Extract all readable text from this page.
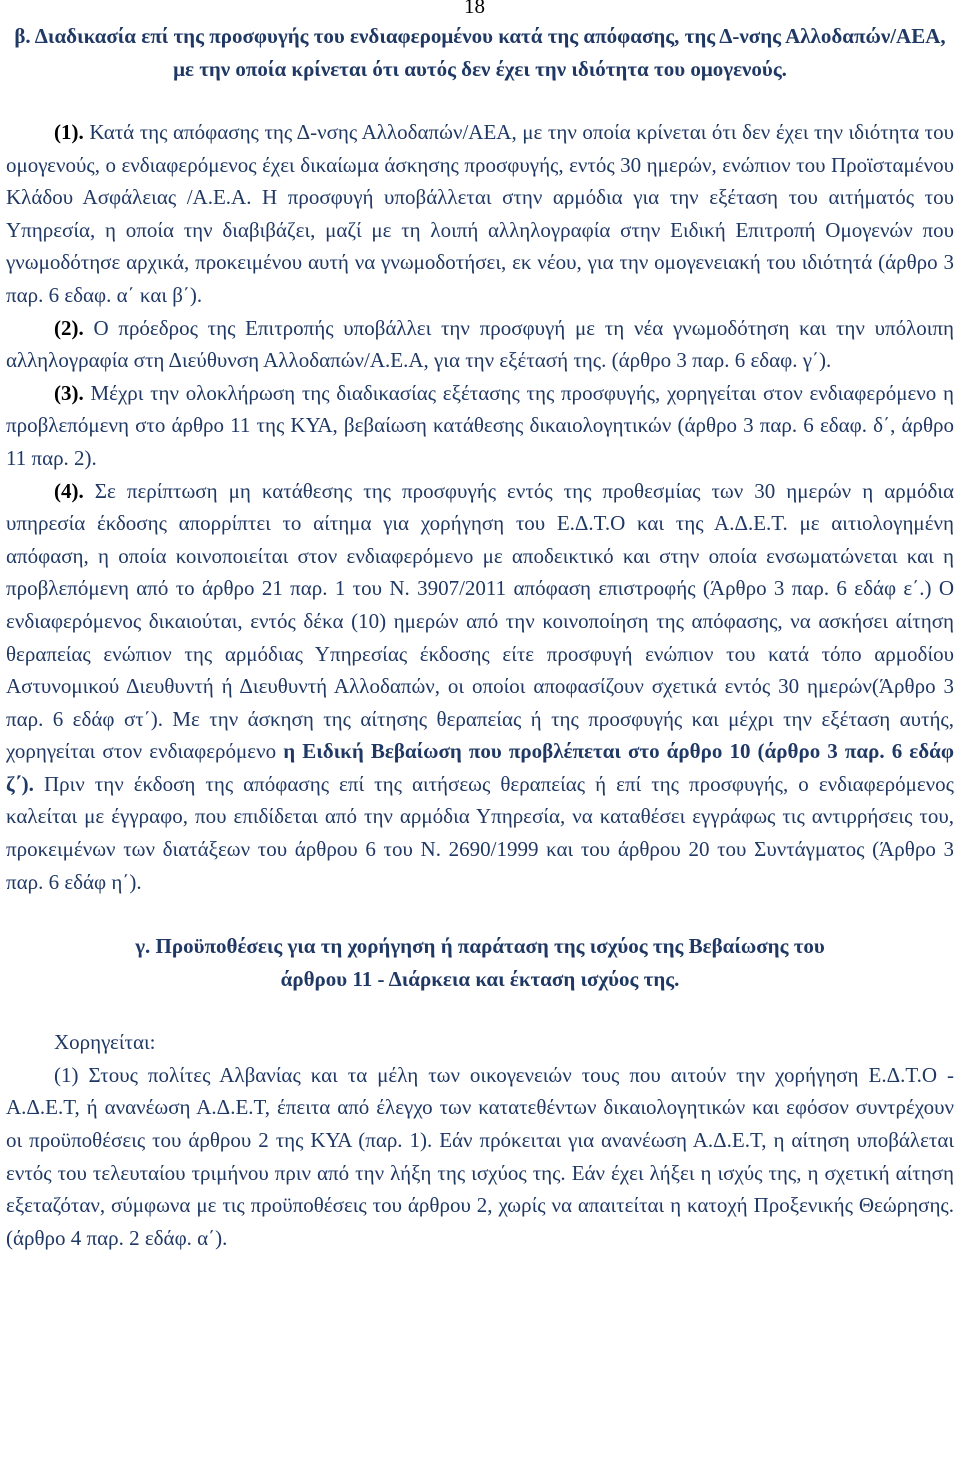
18

β. Διαδικασία επί της προσφυγής του ενδιαφερομένου κατά της απόφασης, της Δ-νσης Αλλοδαπών/ΑΕΑ, με την οποία κρίνεται ότι αυτός δεν έχει την ιδιότητα του ομογενούς.

(1). Κατά της απόφασης της Δ-νσης Αλλοδαπών/ΑΕΑ, με την οποία κρίνεται ότι δεν έχει την ιδιότητα του ομογενούς, ο ενδιαφερόμενος έχει δικαίωμα άσκησης προσφυγής, εντός 30 ημερών, ενώπιον του Προϊσταμένου Κλάδου Ασφάλειας /Α.Ε.Α. Η προσφυγή υποβάλλεται στην αρμόδια για την εξέταση του αιτήματός του Υπηρεσία, η οποία την διαβιβάζει, μαζί με τη λοιπή αλληλογραφία στην Ειδική Επιτροπή Ομογενών που γνωμοδότησε αρχικά, προκειμένου αυτή να γνωμοδοτήσει, εκ νέου, για την ομογενειακή του ιδιότητά (άρθρο 3 παρ. 6 εδαφ. α΄ και β΄).

(2). Ο πρόεδρος της Επιτροπής υποβάλλει την προσφυγή με τη νέα γνωμοδότηση και την υπόλοιπη αλληλογραφία στη Διεύθυνση Αλλοδαπών/Α.Ε.Α, για την εξέτασή της. (άρθρο 3 παρ. 6 εδαφ. γ΄).

(3). Μέχρι την ολοκλήρωση της διαδικασίας εξέτασης της προσφυγής, χορηγείται στον ενδιαφερόμενο η προβλεπόμενη στο άρθρο 11 της ΚΥΑ, βεβαίωση κατάθεσης δικαιολογητικών (άρθρο 3 παρ. 6 εδαφ. δ΄, άρθρο 11 παρ. 2).

(4). Σε περίπτωση μη κατάθεσης της προσφυγής εντός της προθεσμίας των 30 ημερών η αρμόδια υπηρεσία έκδοσης απορρίπτει το αίτημα για χορήγηση του Ε.Δ.Τ.Ο και της Α.Δ.Ε.Τ. με αιτιολογημένη απόφαση, η οποία κοινοποιείται στον ενδιαφερόμενο με αποδεικτικό και στην οποία ενσωματώνεται και η προβλεπόμενη από το άρθρο 21 παρ. 1 του Ν. 3907/2011 απόφαση επιστροφής (Άρθρο 3 παρ. 6 εδάφ ε΄.) Ο ενδιαφερόμενος δικαιούται, εντός δέκα (10) ημερών από την κοινοποίηση της απόφασης, να ασκήσει αίτηση θεραπείας ενώπιον της αρμόδιας Υπηρεσίας έκδοσης είτε προσφυγή ενώπιον του κατά τόπο αρμοδίου Αστυνομικού Διευθυντή ή Διευθυντή Αλλοδαπών, οι οποίοι αποφασίζουν σχετικά εντός 30 ημερών(Άρθρο 3 παρ. 6 εδάφ στ΄). Με την άσκηση της αίτησης θεραπείας ή της προσφυγής και μέχρι την εξέταση αυτής, χορηγείται στον ενδιαφερόμενο η Ειδική Βεβαίωση που προβλέπεται στο άρθρο 10 (άρθρο 3 παρ. 6 εδάφ ζ΄). Πριν την έκδοση της απόφασης επί της αιτήσεως θεραπείας ή επί της προσφυγής, ο ενδιαφερόμενος καλείται με έγγραφο, που επιδίδεται από την αρμόδια Υπηρεσία, να καταθέσει εγγράφως τις αντιρρήσεις του, προκειμένων των διατάξεων του άρθρου 6 του Ν. 2690/1999 και του άρθρου 20 του Συντάγματος (Άρθρο 3 παρ. 6 εδάφ η΄).

γ. Προϋποθέσεις για τη χορήγηση ή παράταση της ισχύος της Βεβαίωσης του

άρθρου 11 - Διάρκεια και έκταση ισχύος της.

Χορηγείται:

(1) Στους πολίτες Αλβανίας και τα μέλη των οικογενειών τους που αιτούν την χορήγηση Ε.Δ.Τ.Ο - Α.Δ.Ε.Τ, ή ανανέωση Α.Δ.Ε.Τ, έπειτα από έλεγχο των κατατεθέντων δικαιολογητικών και εφόσον συντρέχουν οι προϋποθέσεις του άρθρου 2 της ΚΥΑ (παρ. 1). Εάν πρόκειται για ανανέωση Α.Δ.Ε.Τ, η αίτηση υποβάλεται εντός του τελευταίου τριμήνου πριν από την λήξη της ισχύος της. Εάν έχει λήξει η ισχύς της, η σχετική αίτηση εξεταζόταν, σύμφωνα με τις προϋποθέσεις του άρθρου 2, χωρίς να απαιτείται η κατοχή Προξενικής Θεώρησης. (άρθρο 4 παρ. 2 εδάφ. α΄).
